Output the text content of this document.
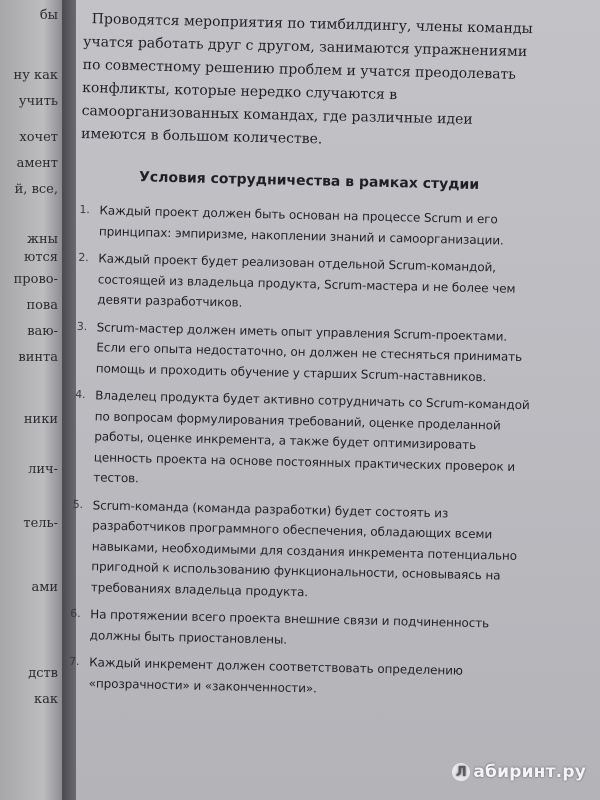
бы
ну как
учить
хочет
амент
й, все,
жны
ются
прово-
пова
ваю-
винта
ники
лич-
тель-
ами
дств
как

Проводятся мероприятия по тимбилдингу, члены команды учатся работать друг с другом, занимаются упражнениями по совместному решению проблем и учатся преодолевать конфликты, которые нередко случаются в самоорганизованных командах, где различные идеи имеются в большом количестве.

Условия сотрудничества в рамках студии
1. Каждый проект должен быть основан на процессе Scrum и его принципах: эмпиризме, накоплении знаний и самоорганизации.
2. Каждый проект будет реализован отдельной Scrum-командой, состоящей из владельца продукта, Scrum-мастера и не более чем девяти разработчиков.
3. Scrum-мастер должен иметь опыт управления Scrum-проектами. Если его опыта недостаточно, он должен не стесняться принимать помощь и проходить обучение у старших Scrum-наставников.
4. Владелец продукта будет активно сотрудничать со Scrum-командой по вопросам формулирования требований, оценке проделанной работы, оценке инкремента, а также будет оптимизировать ценность проекта на основе постоянных практических проверок и тестов.
5. Scrum-команда (команда разработки) будет состоять из разработчиков программного обеспечения, обладающих всеми навыками, необходимыми для создания инкремента потенциально пригодной к использованию функциональности, основываясь на требованиях владельца продукта.
6. На протяжении всего проекта внешние связи и подчиненность должны быть приостановлены.
7. Каждый инкремент должен соответствовать определению «прозрачности» и «законченности».
Л абиринт.ру
